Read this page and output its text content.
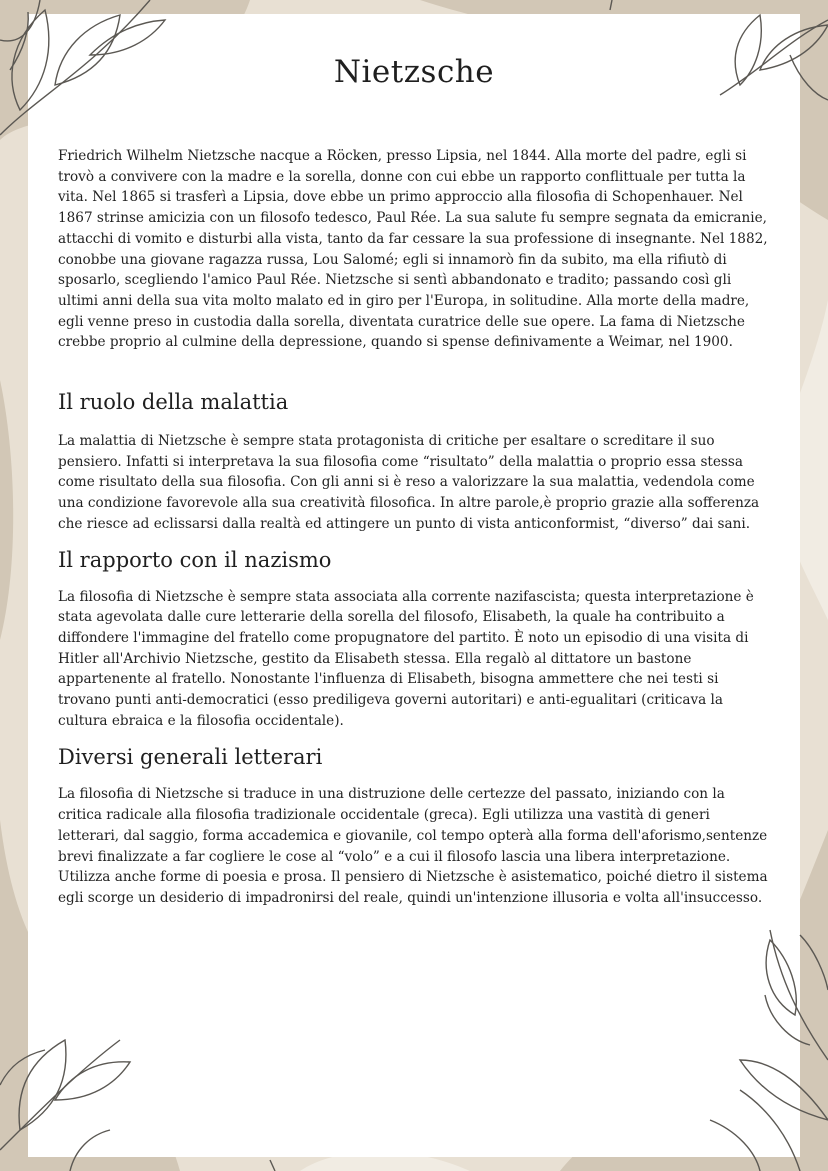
Nietzsche

Friedrich Wilhelm Nietzsche nacque a Röcken, presso Lipsia, nel 1844. Alla morte del padre, egli si trovò a convivere con la madre e la sorella, donne con cui ebbe un rapporto conflittuale per tutta la vita. Nel 1865 si trasferì a Lipsia, dove ebbe un primo approccio alla filosofia di Schopenhauer. Nel 1867 strinse amicizia con un filosofo tedesco, Paul Rée. La sua salute fu sempre segnata da emicranie, attacchi di vomito e disturbi alla vista, tanto da far cessare la sua professione di insegnante. Nel 1882, conobbe una giovane ragazza russa, Lou Salomé; egli si innamorò fin da subito, ma ella rifiutò di sposarlo, scegliendo l'amico Paul Rée. Nietzsche si sentì abbandonato e tradito; passando così gli ultimi anni della sua vita molto malato ed in giro per l'Europa, in solitudine. Alla morte della madre, egli venne preso in custodia dalla sorella, diventata curatrice delle sue opere. La fama di Nietzsche crebbe proprio al culmine della depressione, quando si spense definivamente a Weimar, nel 1900.

Il ruolo della malattia

La malattia di Nietzsche è sempre stata protagonista di critiche per esaltare o screditare il suo pensiero. Infatti si interpretava la sua filosofia come “risultato” della malattia o proprio essa stessa come risultato della sua filosofia. Con gli anni si è reso a valorizzare la sua malattia, vedendola come una condizione favorevole alla sua creatività filosofica. In altre parole,è proprio grazie alla sofferenza che riesce ad eclissarsi dalla realtà ed attingere un punto di vista anticonformist, “diverso” dai sani.

Il rapporto con il nazismo

La filosofia di Nietzsche è sempre stata associata alla corrente nazifascista; questa interpretazione è stata agevolata dalle cure letterarie della sorella del filosofo, Elisabeth, la quale ha contribuito a diffondere l'immagine del fratello come propugnatore del partito. È noto un episodio di una visita di Hitler all'Archivio Nietzsche, gestito da Elisabeth stessa. Ella regalò al dittatore un bastone appartenente al fratello. Nonostante l'influenza di Elisabeth, bisogna ammettere che nei testi si trovano punti anti-democratici (esso prediligeva governi autoritari) e anti-egualitari (criticava la cultura ebraica e la filosofia occidentale).

Diversi generali letterari

La filosofia di Nietzsche si traduce in una distruzione delle certezze del passato, iniziando con la critica radicale alla filosofia tradizionale occidentale (greca). Egli utilizza una vastità di generi letterari, dal saggio, forma accademica e giovanile, col tempo opterà alla forma dell'aforismo,sentenze brevi finalizzate a far cogliere le cose al “volo” e a cui il filosofo lascia una libera interpretazione. Utilizza anche forme di poesia e prosa. Il pensiero di Nietzsche è asistematico, poiché dietro il sistema egli scorge un desiderio di impadronirsi del reale, quindi un'intenzione illusoria e volta all'insuccesso.
